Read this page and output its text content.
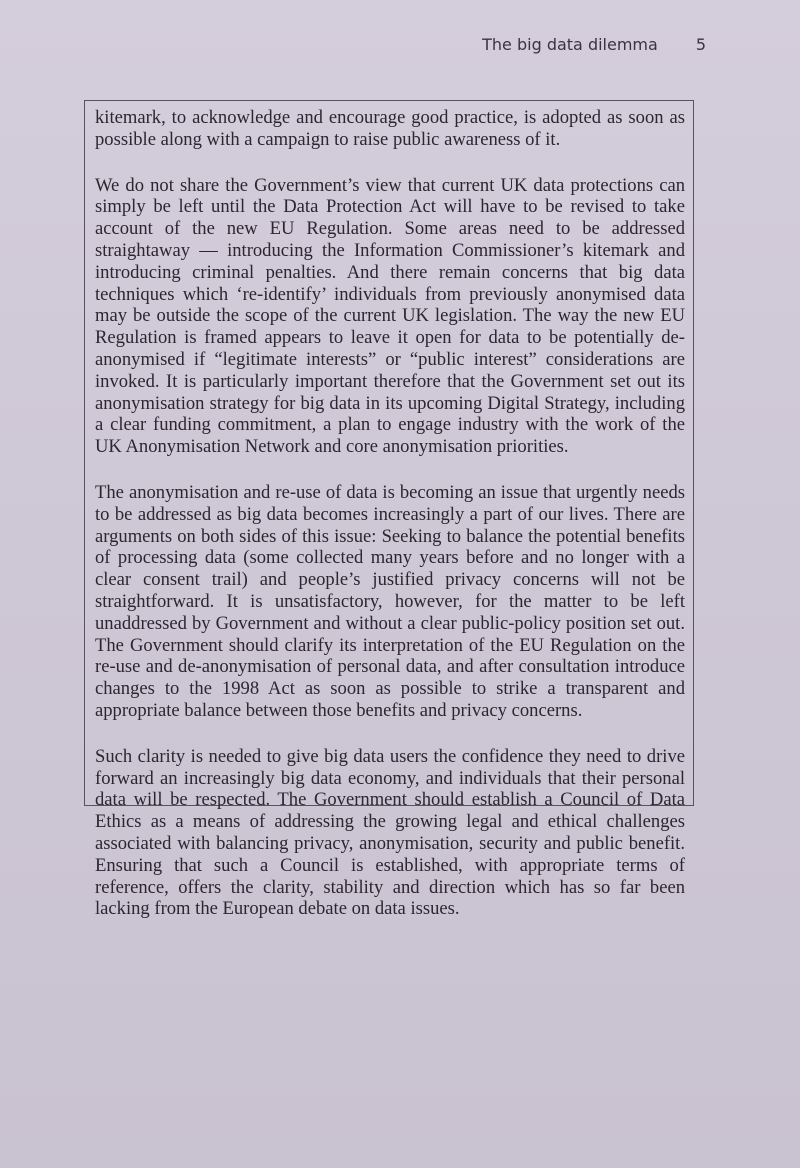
The big data dilemma 5

kitemark, to acknowledge and encourage good practice, is adopted as soon as possible along with a campaign to raise public awareness of it.

We do not share the Government’s view that current UK data protections can simply be left until the Data Protection Act will have to be revised to take account of the new EU Regulation. Some areas need to be addressed straightaway — introducing the Information Commissioner’s kitemark and introducing criminal penalties. And there remain concerns that big data techniques which ‘re-identify’ individuals from previously anonymised data may be outside the scope of the current UK legislation. The way the new EU Regulation is framed appears to leave it open for data to be potentially de-anonymised if “legitimate interests” or “public interest” considerations are invoked. It is particularly important therefore that the Government set out its anonymisation strategy for big data in its upcoming Digital Strategy, including a clear funding commitment, a plan to engage industry with the work of the UK Anonymisation Network and core anonymisation priorities.

The anonymisation and re-use of data is becoming an issue that urgently needs to be addressed as big data becomes increasingly a part of our lives. There are arguments on both sides of this issue: Seeking to balance the potential benefits of processing data (some collected many years before and no longer with a clear consent trail) and people’s justified privacy concerns will not be straightforward. It is unsatisfactory, however, for the matter to be left unaddressed by Government and without a clear public-policy position set out. The Government should clarify its interpretation of the EU Regulation on the re-use and de-anonymisation of personal data, and after consultation introduce changes to the 1998 Act as soon as possible to strike a transparent and appropriate balance between those benefits and privacy concerns.

Such clarity is needed to give big data users the confidence they need to drive forward an increasingly big data economy, and individuals that their personal data will be respected. The Government should establish a Council of Data Ethics as a means of addressing the growing legal and ethical challenges associated with balancing privacy, anonymisation, security and public benefit. Ensuring that such a Council is established, with appropriate terms of reference, offers the clarity, stability and direction which has so far been lacking from the European debate on data issues.
